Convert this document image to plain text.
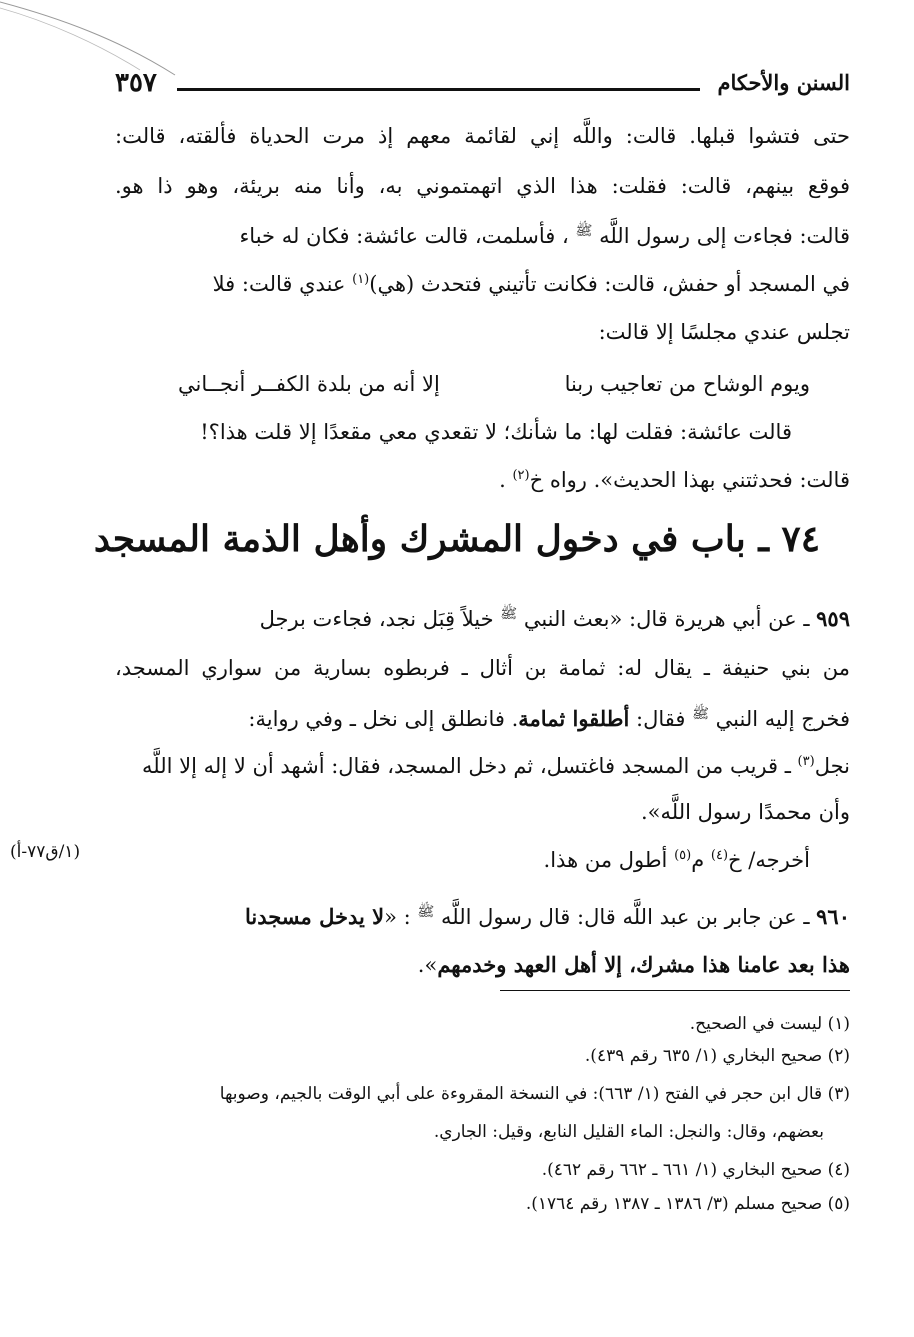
٣٥٧	السنن والأحكام
حتى فتشوا قبلها. قالت: واللَّه إني لقائمة معهم إذ مرت الحدياة فألقته، قالت:
فوقع بينهم، قالت: فقلت: هذا الذي اتهمتموني به، وأنا منه بريئة، وهو ذا هو.
قالت: فجاءت إلى رسول اللَّه $^ﷺ$ ، فأسلمت، قالت عائشة: فكان له خباء
في المسجد أو حفش، قالت: فكانت تأتيني فتحدث (هي)$^{(١)}$ عندي قالت: فلا
تجلس عندي مجلسًا إلا قالت:
ويوم الوشاح من تعاجيب ربنا
إلا أنه من بلدة الكفــر أنجــاني
قالت عائشة: فقلت لها: ما شأنك؛ لا تقعدي معي مقعدًا إلا قلت هذا؟!
قالت: فحدثتني بهذا الحديث». رواه خ$^{(٢)}$ .
٧٤ ـ باب في دخول المشرك وأهل الذمة المسجد
٩٥٩ ـ عن أبي هريرة قال: «بعث النبي $^ﷺ$ خيلاً قِبَل نجد، فجاءت برجل
من بني حنيفة ـ يقال له: ثمامة بن أثال ـ فربطوه بسارية من سواري المسجد،
فخرج إليه النبي $^ﷺ$ فقال: أطلقوا ثمامة. فانطلق إلى نخل ـ وفي رواية:
نجل$^{(٣)}$ ـ قريب من المسجد فاغتسل، ثم دخل المسجد، فقال: أشهد أن لا إله إلا اللَّه
وأن محمدًا رسول اللَّه».
أخرجه/ خ$^{(٤)}$ م$^{(٥)}$ أطول من هذا.
(١/ق٧٧-أ)
٩٦٠ ـ عن جابر بن عبد اللَّه قال: قال رسول اللَّه $^ﷺ$ : «لا يدخل مسجدنا
هذا بعد عامنا هذا مشرك، إلا أهل العهد وخدمهم».
(١) ليست في الصحيح.
(٢) صحيح البخاري (١/ ٦٣٥ رقم ٤٣٩).
(٣) قال ابن حجر في الفتح (١/ ٦٦٣): في النسخة المقروءة على أبي الوقت بالجيم، وصوبها
بعضهم، وقال: والنجل: الماء القليل النابع، وقيل: الجاري.
(٤) صحيح البخاري (١/ ٦٦١ ـ ٦٦٢ رقم ٤٦٢).
(٥) صحيح مسلم (٣/ ١٣٨٦ ـ ١٣٨٧ رقم ١٧٦٤).
